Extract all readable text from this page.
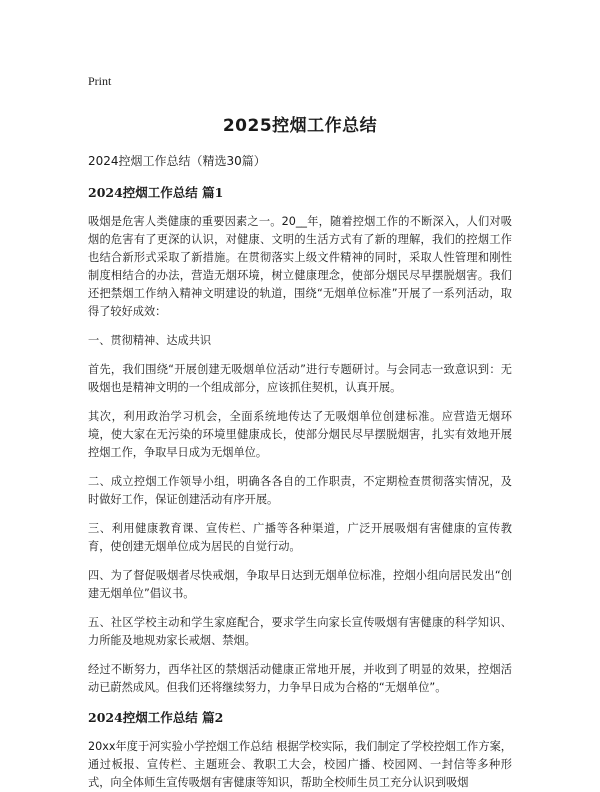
Print
2025控烟工作总结
2024控烟工作总结（精选30篇）
2024控烟工作总结 篇1

吸烟是危害人类健康的重要因素之一。20__年，随着控烟工作的不断深入，人们对吸烟的危害有了更深的认识，对健康、文明的生活方式有了新的理解，我们的控烟工作也结合新形式采取了新措施。在贯彻落实上级文件精神的同时，采取人性管理和刚性制度相结合的办法，营造无烟环境，树立健康理念，使部分烟民尽早摆脱烟害。我们还把禁烟工作纳入精神文明建设的轨道，围绕“无烟单位标准”开展了一系列活动，取得了较好成效：

一、贯彻精神、达成共识

首先，我们围绕“开展创建无吸烟单位活动”进行专题研讨。与会同志一致意识到：无吸烟也是精神文明的一个组成部分，应该抓住契机，认真开展。

其次，利用政治学习机会，全面系统地传达了无吸烟单位创建标准。应营造无烟环境，使大家在无污染的环境里健康成长，使部分烟民尽早摆脱烟害，扎实有效地开展控烟工作，争取早日成为无烟单位。

二、成立控烟工作领导小组，明确各各自的工作职责，不定期检查贯彻落实情况，及时做好工作，保证创建活动有序开展。

三、利用健康教育课、宣传栏、广播等各种渠道，广泛开展吸烟有害健康的宣传教育，使创建无烟单位成为居民的自觉行动。

四、为了督促吸烟者尽快戒烟，争取早日达到无烟单位标准，控烟小组向居民发出“创建无烟单位”倡议书。

五、社区学校主动和学生家庭配合，要求学生向家长宣传吸烟有害健康的科学知识、力所能及地规劝家长戒烟、禁烟。

经过不断努力，西华社区的禁烟活动健康正常地开展，并收到了明显的效果，控烟活动已蔚然成风。但我们还将继续努力，力争早日成为合格的“无烟单位”。

2024控烟工作总结 篇2

20xx年度于河实验小学控烟工作总结 根据学校实际，我们制定了学校控烟工作方案，通过板报、宣传栏、主题班会、教职工大会，校园广播、校园网、一封信等多种形式，向全体师生宣传吸烟有害健康等知识，帮助全校师生员工充分认识到吸烟
